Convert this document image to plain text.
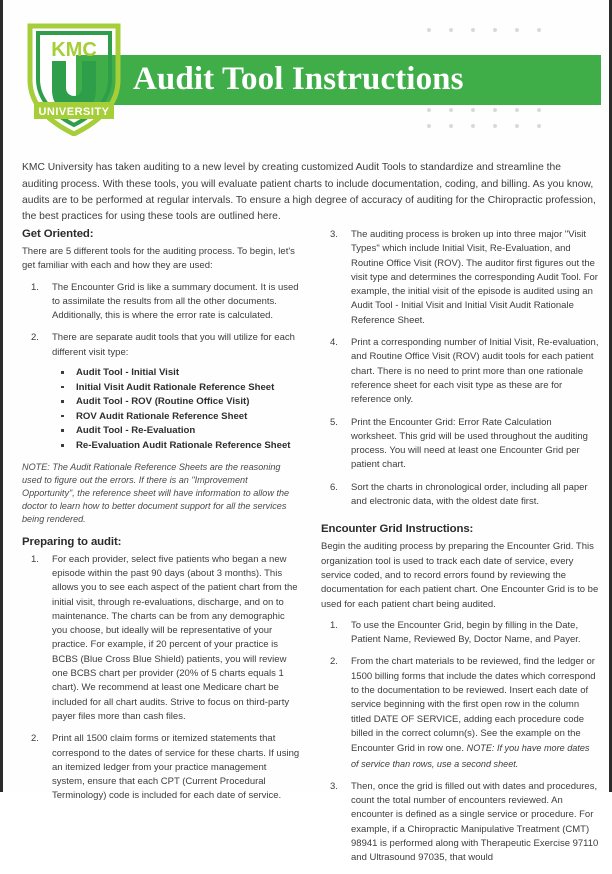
Audit Tool Instructions
KMC
UNIVERSITY

KMC University has taken auditing to a new level by creating customized Audit Tools to standardize and streamline the auditing process. With these tools, you will evaluate patient charts to include documentation, coding, and billing. As you know, audits are to be performed at regular intervals. To ensure a high degree of accuracy of auditing for the Chiropractic profession, the best practices for using these tools are outlined here.

Get Oriented:

There are 5 different tools for the auditing process. To begin, let's get familiar with each and how they are used:

1.	The Encounter Grid is like a summary document. It is used to assimilate the results from all the other documents. Additionally, this is where the error rate is calculated.
2.	There are separate audit tools that you will utilize for each different visit type:
Audit Tool - Initial Visit
Initial Visit Audit Rationale Reference Sheet
Audit Tool - ROV (Routine Office Visit)
ROV Audit Rationale Reference Sheet
Audit Tool - Re-Evaluation
Re-Evaluation Audit Rationale Reference Sheet

NOTE: The Audit Rationale Reference Sheets are the reasoning used to figure out the errors. If there is an "Improvement Opportunity", the reference sheet will have information to allow the doctor to learn how to better document support for all the services being rendered.

Preparing to audit:
1.	For each provider, select five patients who began a new episode within the past 90 days (about 3 months). This allows you to see each aspect of the patient chart from the initial visit, through re-evaluations, discharge, and on to maintenance. The charts can be from any demographic you choose, but ideally will be representative of your practice. For example, if 20 percent of your practice is BCBS (Blue Cross Blue Shield) patients, you will review one BCBS chart per provider (20% of 5 charts equals 1 chart). We recommend at least one Medicare chart be included for all chart audits. Strive to focus on third-party payer files more than cash files.
2.	Print all 1500 claim forms or itemized statements that correspond to the dates of service for these charts. If using an itemized ledger from your practice management system, ensure that each CPT (Current Procedural Terminology) code is included for each date of service.
3.	The auditing process is broken up into three major "Visit Types" which include Initial Visit, Re-Evaluation, and Routine Office Visit (ROV). The auditor first figures out the visit type and determines the corresponding Audit Tool. For example, the initial visit of the episode is audited using an Audit Tool - Initial Visit and Initial Visit Audit Rationale Reference Sheet.
4.	Print a corresponding number of Initial Visit, Re-evaluation, and Routine Office Visit (ROV) audit tools for each patient chart. There is no need to print more than one rationale reference sheet for each visit type as these are for reference only.
5.	Print the Encounter Grid: Error Rate Calculation worksheet. This grid will be used throughout the auditing process. You will need at least one Encounter Grid per patient chart.
6.	Sort the charts in chronological order, including all paper and electronic data, with the oldest date first.
Encounter Grid Instructions:

Begin the auditing process by preparing the Encounter Grid. This organization tool is used to track each date of service, every service coded, and to record errors found by reviewing the documentation for each patient chart. One Encounter Grid is to be used for each patient chart being audited.

1.	To use the Encounter Grid, begin by filling in the Date, Patient Name, Reviewed By, Doctor Name, and Payer.
2.	From the chart materials to be reviewed, find the ledger or 1500 billing forms that include the dates which correspond to the documentation to be reviewed. Insert each date of service beginning with the first open row in the column titled DATE OF SERVICE, adding each procedure code billed in the correct column(s). See the example on the Encounter Grid in row one. NOTE: If you have more dates of service than rows, use a second sheet.
3.	Then, once the grid is filled out with dates and procedures, count the total number of encounters reviewed. An encounter is defined as a single service or procedure. For example, if a Chiropractic Manipulative Treatment (CMT) 98941 is performed along with Therapeutic Exercise 97110 and Ultrasound 97035, that would
